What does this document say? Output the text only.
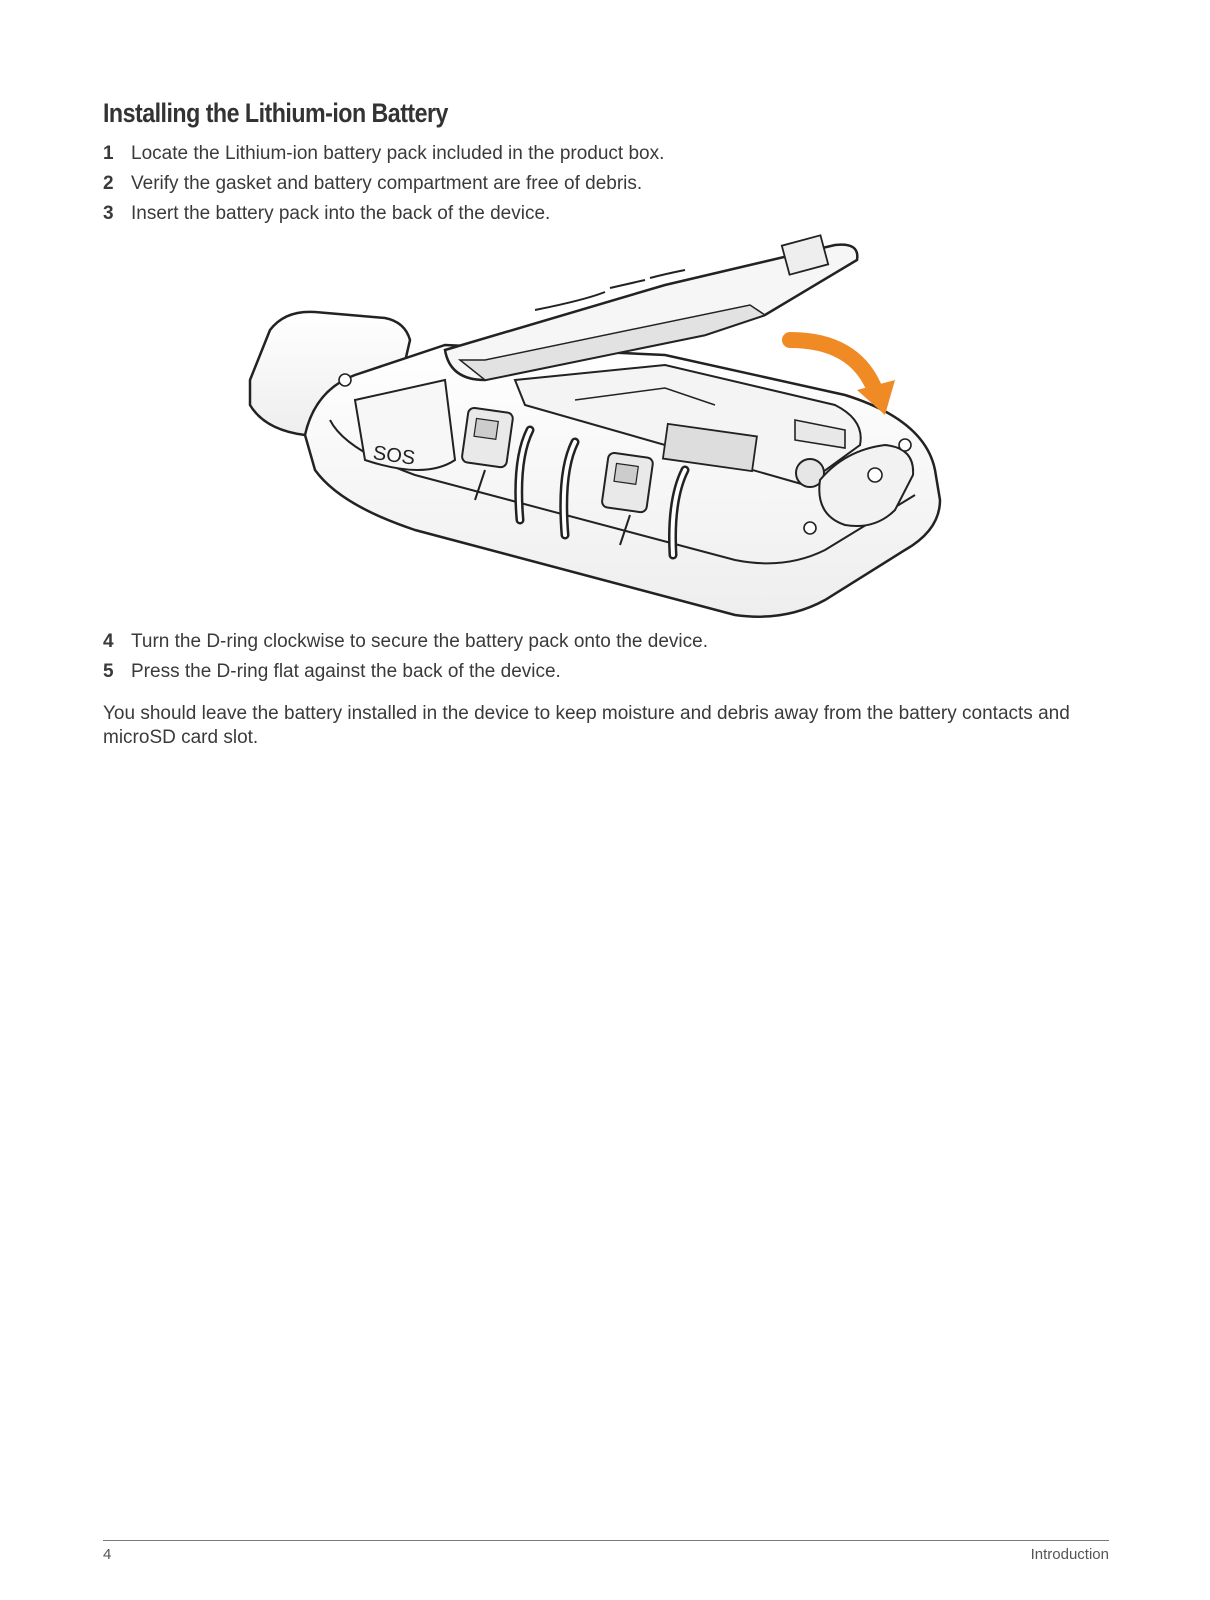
Installing the Lithium-ion Battery
1 Locate the Lithium-ion battery pack included in the product box.
2 Verify the gasket and battery compartment are free of debris.
3 Insert the battery pack into the back of the device.
SOS
4 Turn the D-ring clockwise to secure the battery pack onto the device.
5 Press the D-ring flat against the back of the device.

You should leave the battery installed in the device to keep moisture and debris away from the battery contacts and microSD card slot.

4	Introduction
